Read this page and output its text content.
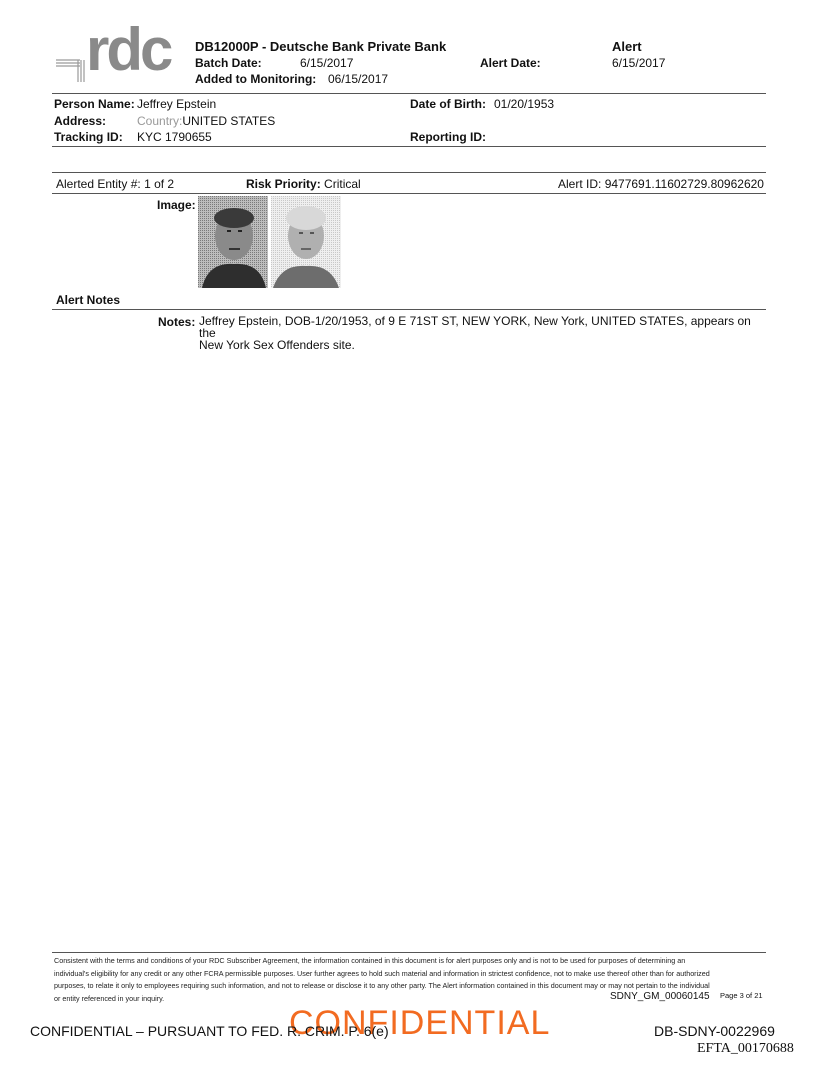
rdc DB12000P - Deutsche Bank Private Bank
Batch Date:	6/15/2017
Added to Monitoring: 06/15/2017
Alert Date:
Alert
6/15/2017
Person Name: Jeffrey Epstein	Date of Birth: 01/20/1953
Address:	Country:UNITED STATES
Tracking ID: KYC 1790655	Reporting ID:
Alerted Entity #: 1 of 2	Risk Priority: Critical	Alert ID: 9477691.11602729.80962620
Image:
Alert Notes
Notes: Jeffrey Epstein, DOB-1/20/1953, of 9 E 71ST ST, NEW YORK, New York, UNITED STATES, appears on the
New York Sex Offenders site.
Consistent with the terms and conditions of your RDC Subscriber Agreement, the information contained in this document is for alert purposes only and is not to be used for purposes of determining an
individual's eligibility for any credit or any other FCRA permissible purposes. User further agrees to hold such material and information in strictest confidence, not to make use thereof other than for authorized
purposes, to relate it only to employees requiring such information, and not to release or disclose it to any other party. The Alert information contained in this document may or may not pertain to the individual
or entity referenced in your inquiry.	SDNY_GM_00060145 Page 3 of 21
CONFIDENTIAL
CONFIDENTIAL – PURSUANT TO FED. R. CRIM. P. 6(e)	DB-SDNY-0022969
EFTA_00170688
